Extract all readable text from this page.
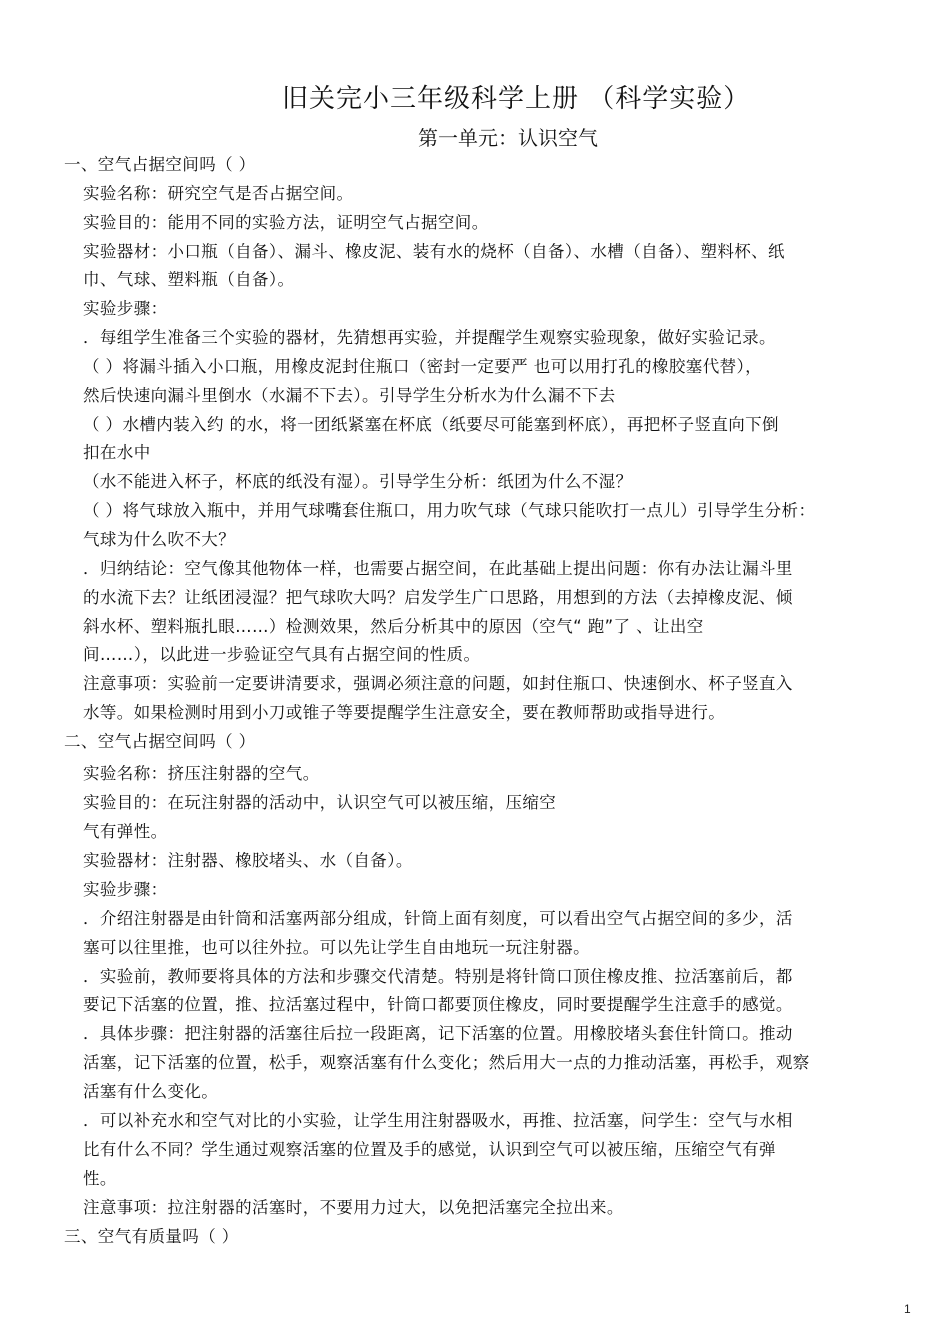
旧关完小三年级科学上册 （科学实验）
第一单元：认识空气
一、空气占据空间吗（ ）
实验名称：研究空气是否占据空间。
实验目的：能用不同的实验方法，证明空气占据空间。
实验器材：小口瓶（自备）、漏斗、橡皮泥、装有水的烧杯（自备）、水槽（自备）、塑料杯、纸
巾、气球、塑料瓶（自备）。
实验步骤：
．每组学生准备三个实验的器材，先猜想再实验，并提醒学生观察实验现象，做好实验记录。
（ ）将漏斗插入小口瓶，用橡皮泥封住瓶口（密封一定要严 也可以用打孔的橡胶塞代替），
然后快速向漏斗里倒水（水漏不下去）。引导学生分析水为什么漏不下去
（ ）水槽内装入约 的水，将一团纸紧塞在杯底（纸要尽可能塞到杯底），再把杯子竖直向下倒
扣在水中
（水不能进入杯子，杯底的纸没有湿）。引导学生分析：纸团为什么不湿？
（ ）将气球放入瓶中，并用气球嘴套住瓶口，用力吹气球（气球只能吹打一点儿）引导学生分析：
气球为什么吹不大？
．归纳结论：空气像其他物体一样，也需要占据空间，在此基础上提出问题：你有办法让漏斗里
的水流下去？让纸团浸湿？把气球吹大吗？启发学生广口思路，用想到的方法（去掉橡皮泥、倾
斜水杯、塑料瓶扎眼……）检测效果，然后分析其中的原因（空气“ 跑”了 、让出空
间……），以此进一步验证空气具有占据空间的性质。
注意事项：实验前一定要讲清要求，强调必须注意的问题，如封住瓶口、快速倒水、杯子竖直入
水等。如果检测时用到小刀或锥子等要提醒学生注意安全，要在教师帮助或指导进行。
二、空气占据空间吗（ ）
实验名称：挤压注射器的空气。
实验目的：在玩注射器的活动中，认识空气可以被压缩，压缩空
气有弹性。
实验器材：注射器、橡胶堵头、水（自备）。
实验步骤：
．介绍注射器是由针筒和活塞两部分组成，针筒上面有刻度，可以看出空气占据空间的多少，活
塞可以往里推，也可以往外拉。可以先让学生自由地玩一玩注射器。
．实验前，教师要将具体的方法和步骤交代清楚。特别是将针筒口顶住橡皮推、拉活塞前后，都
要记下活塞的位置，推、拉活塞过程中，针筒口都要顶住橡皮，同时要提醒学生注意手的感觉。
．具体步骤：把注射器的活塞往后拉一段距离，记下活塞的位置。用橡胶堵头套住针筒口。推动
活塞，记下活塞的位置，松手，观察活塞有什么变化；然后用大一点的力推动活塞，再松手，观察
活塞有什么变化。
．可以补充水和空气对比的小实验，让学生用注射器吸水，再推、拉活塞，问学生：空气与水相
比有什么不同？学生通过观察活塞的位置及手的感觉，认识到空气可以被压缩，压缩空气有弹
性。
注意事项：拉注射器的活塞时，不要用力过大，以免把活塞完全拉出来。
三、空气有质量吗（ ）
1
